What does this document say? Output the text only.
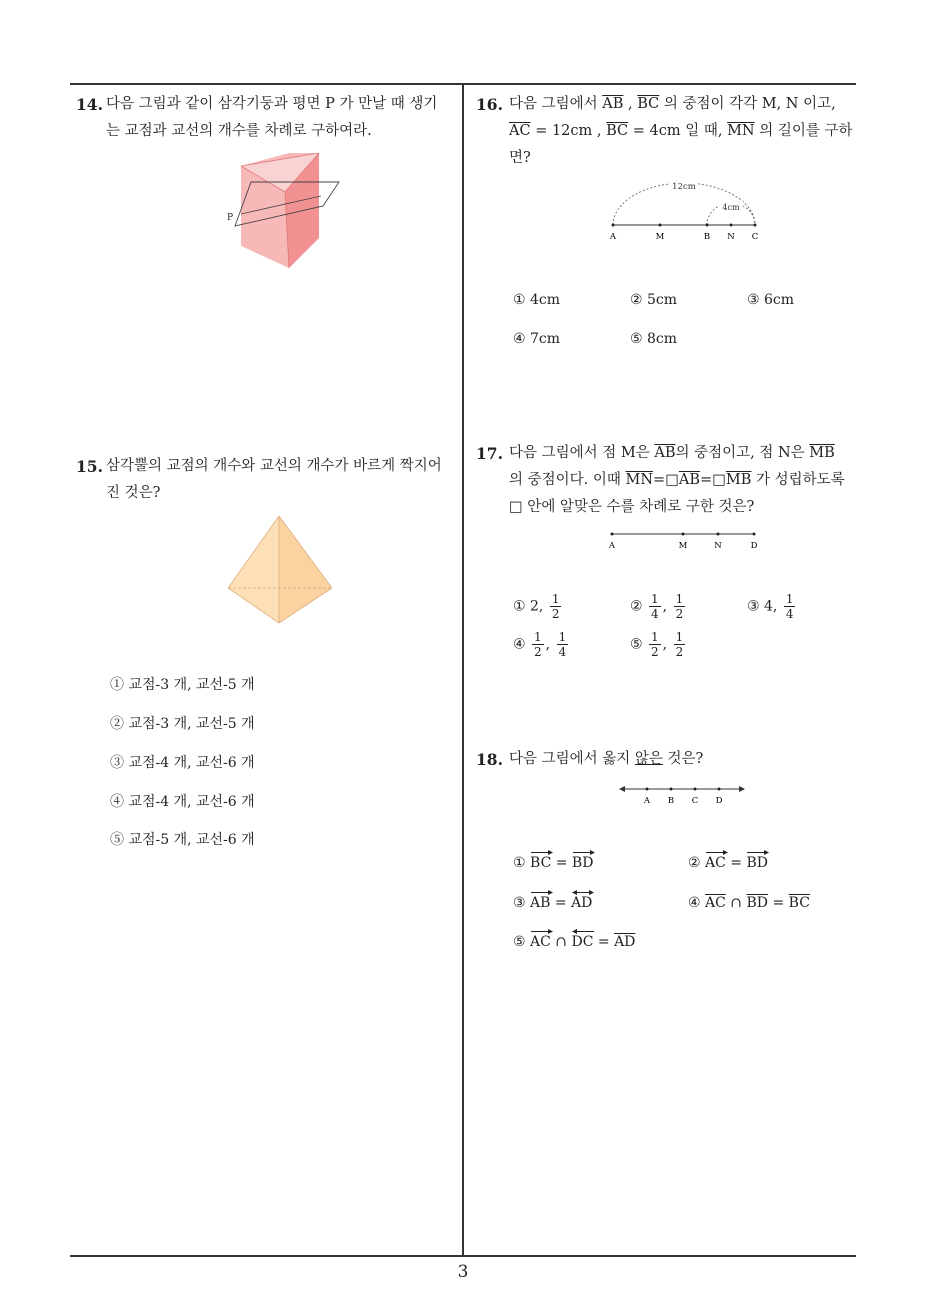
14. 다음 그림과 같이 삼각기둥과 평면 P 가 만날 때 생기
는 교점과 교선의 개수를 차례로 구하여라.
P
15. 삼각뿔의 교점의 개수와 교선의 개수가 바르게 짝지어
진 것은?
① 교점-3 개, 교선-5 개
② 교점-3 개, 교선-5 개
③ 교점-4 개, 교선-6 개
④ 교점-4 개, 교선-6 개
⑤ 교점-5 개, 교선-6 개
16. 다음 그림에서 $\overline{AB}$ , $\overline{BC}$ 의 중점이 각각 M, N 이고,
$\overline{AC} = 12cm$ , $\overline{BC} = 4cm$ 일 때, $\overline{MN}$ 의 길이를 구하
면?
12cm
4cm
A	M	B N C
① 4cm	② 5cm	③ 6cm
④ 7cm	⑤ 8cm
17. 다음 그림에서 점 M은 $\overline{AB}$의 중점이고, 점 N은 $\overline{MB}$
의 중점이다. 이때 $\overline{MN}=□\overline{AB}=□\overline{MB}$ 가 성립하도록
□ 안에 알맞은 수를 차례로 구한 것은?
A	M	N	D
① 2, $\frac{1}{2}$	② $\frac{1}{4}$ , $\frac{1}{2}$	③ 4, $\frac{1}{4}$
④ $\frac{1}{2}$ , $\frac{1}{4}$	⑤ $\frac{1}{2}$ , $\frac{1}{2}$
18. 다음 그림에서 옳지 않은 것은?
A B C D
① BC = BD	② AC = BD
③ AB = AD	④ $\overline{AC}$ ∩ $\overline{BD} = \overline{BC}$
⑤ AC ∩ DC = $\overline{AD}$
3
